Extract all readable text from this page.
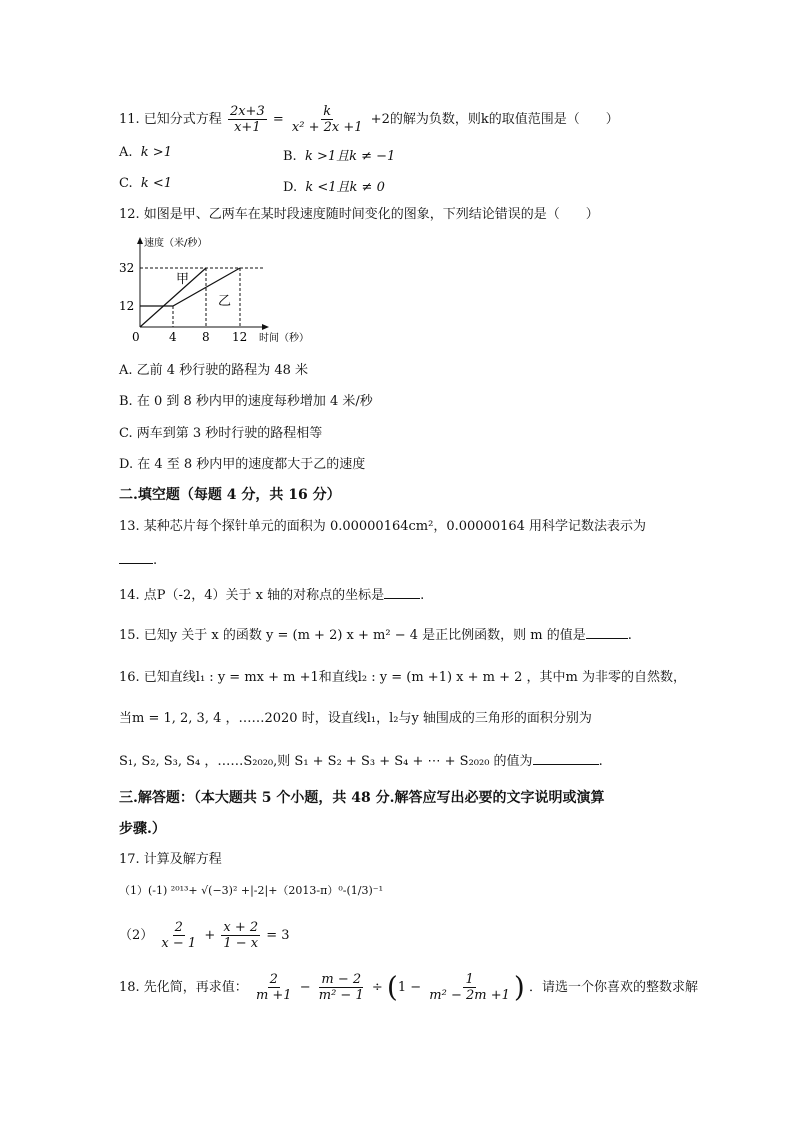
11. 已知分式方程 $\frac{2x+3}{x+1} = \frac{k}{\text{x² + 2x +1}} +2$的解为负数，则k的取值范围是（　　）
A. k >1	B. k >1且k ≠ −1
C. k <1	D. k <1且k ≠ 0
12. 如图是甲、乙两车在某时段速度随时间变化的图象，下列结论错误的是（　　）
速度（米/秒）
32
12
0 4 8 12 时间（秒）
甲
乙
A. 乙前 4 秒行驶的路程为 48 米
B. 在 0 到 8 秒内甲的速度每秒增加 4 米/秒
C. 两车到第 3 秒时行驶的路程相等
D. 在 4 至 8 秒内甲的速度都大于乙的速度
二.填空题（每题 4 分，共 16 分）
13. 某种芯片每个探针单元的面积为 0.00000164cm²，0.00000164 用科学记数法表示为
.
14. 点P（-2，4）关于 x 轴的对称点的坐标是	.
15. 已知y 关于 x 的函数 y = (m + 2) x + m² − 4 是正比例函数，则 m 的值是	.
16. 已知直线l₁ : y = mx + m +1和直线l₂ : y = (m +1) x + m + 2 ，其中m 为非零的自然数，
当m = 1, 2, 3, 4 ，……2020 时，设直线l₁，l₂与y 轴围成的三角形的面积分别为
S₁, S₂, S₃, S₄ ，……S₂₀₂₀,则 S₁ + S₂ + S₃ + S₄ + ⋯ + S₂₀₂₀ 的值为	.
三.解答题：（本大题共 5 个小题，共 48 分.解答应写出必要的文字说明或演算
步骤.）
17. 计算及解方程
（1）(-1) ²⁰¹³+ √(−3)² +|-2|+（2013-π）⁰-(1/3)⁻¹
$(2) \frac{2}{x - 1} + \frac{x + 2}{1 - x} = 3$
18. 先化简，再求值： $\frac{2}{m +1} - \frac{m - 2}{\text{m² − 1}} \div (1 - \frac{1}{\text{m² − 2m +1}}$ ) ．请选一个你喜欢的整数求解
